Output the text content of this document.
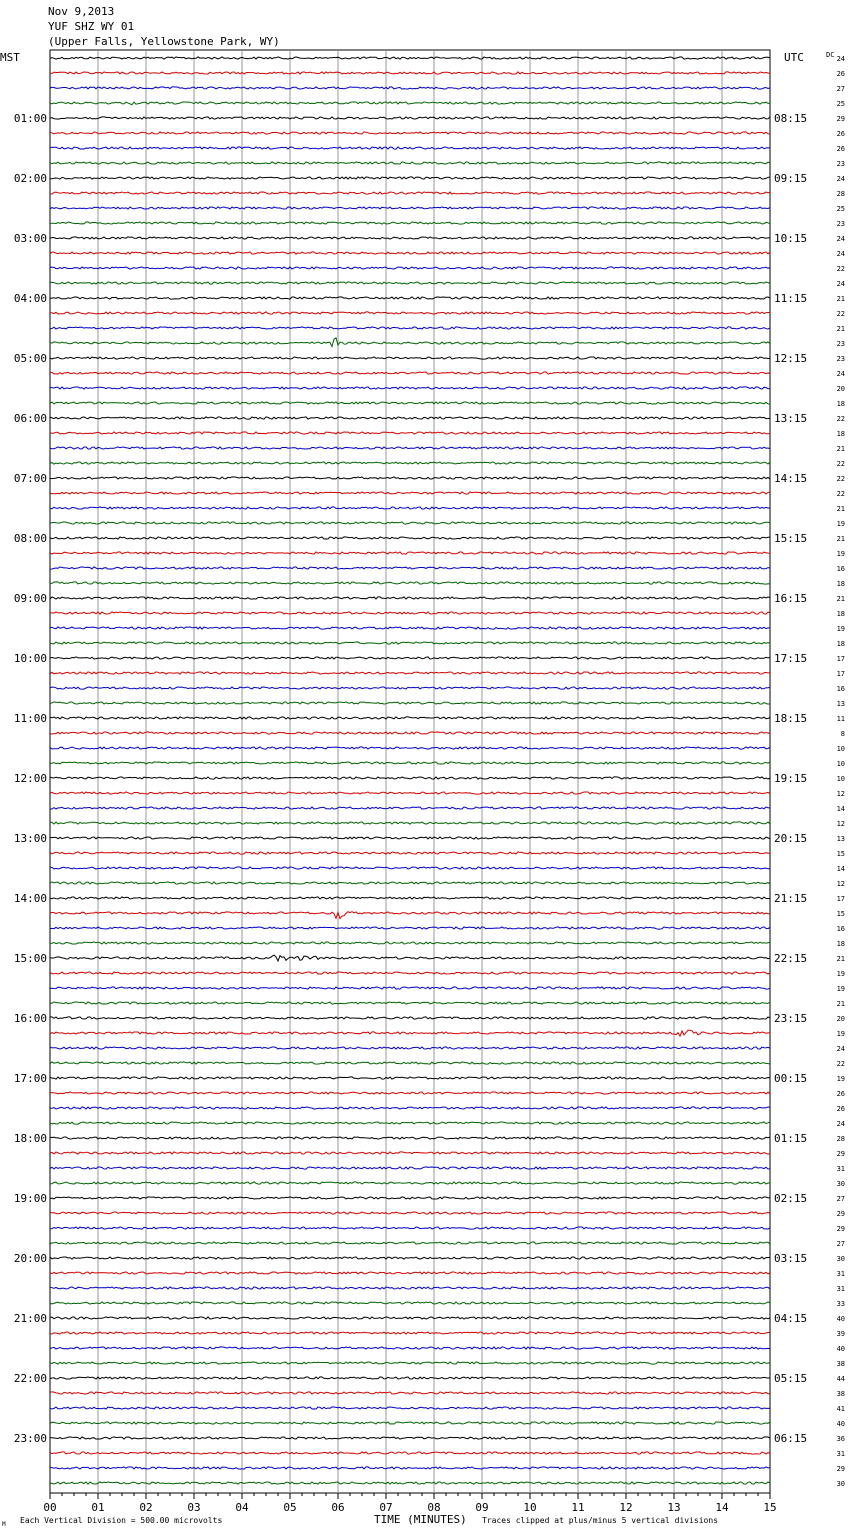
Nov 9,2013
YUF SHZ WY 01
(Upper Falls, Yellowstone Park, WY)
MST	UTC	DC
01:00
02:00
03:00
04:00
05:00
06:00
07:00
08:00
09:00
10:00
11:00
12:00
13:00
14:00
15:00
16:00
17:00
18:00
19:00
20:00
21:00
22:00
23:00
08:15
09:15
10:15
11:15
12:15
13:15
14:15
15:15
16:15
17:15
18:15
19:15
20:15
21:15
22:15
23:15
00:15
01:15
02:15
03:15
04:15
05:15
06:15
24
26
27
25
29
26
26
23
24
28
25
23
24
24
22
24
21
22
21
23
23
24
20
18
22
18
21
22
22
22
21
19
21
19
16
18
21
18
19
18
17
17
16
13
11
8
10
10
10
12
14
12
13
15
14
12
17
15
16
18
21
19
19
21
20
19
24
22
19
26
26
24
28
29
31
30
27
29
29
27
30
31
31
33
40
39
40
38
44
38
41
40
36
31
29
30
00	01	02	03	04	05	06	07	08	09	10	11	12	13	14	15
M Each Vertical Division = 500.00 microvolts	TIME (MINUTES) Traces clipped at plus/minus 5 vertical divisions
